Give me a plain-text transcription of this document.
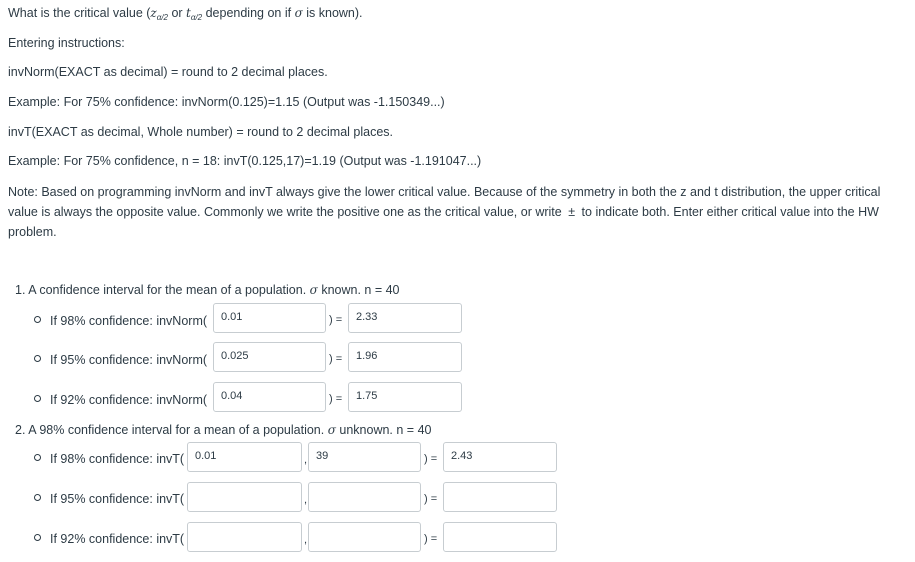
What is the critical value ($z_{\alpha/2}$ or $t_{\alpha/2}$ depending on if σ is known).
Entering instructions:
invNorm(EXACT as decimal) = round to 2 decimal places.
Example: For 75% confidence: invNorm(0.125)=1.15 (Output was -1.150349...)
invT(EXACT as decimal, Whole number) = round to 2 decimal places.
Example: For 75% confidence, n = 18: invT(0.125,17)=1.19 (Output was -1.191047...)
Note: Based on programming invNorm and invT always give the lower critical value. Because of the symmetry in both the z and t distribution, the upper critical value is always the opposite value. Commonly we write the positive one as the critical value, or write ± to indicate both. Enter either critical value into the HW problem.
1. A confidence interval for the mean of a population. σ known. n = 40
If 98% confidence: invNorm(	0.01	) =	2.33
If 95% confidence: invNorm(	0.025	) =	1.96
If 92% confidence: invNorm(	0.04	) =	1.75
2. A 98% confidence interval for a mean of a population. σ unknown. n = 40
If 98% confidence: invT( 0.01	, 39	) =	2.43
If 95% confidence: invT(	,	) =
If 92% confidence: invT(	,	) =
